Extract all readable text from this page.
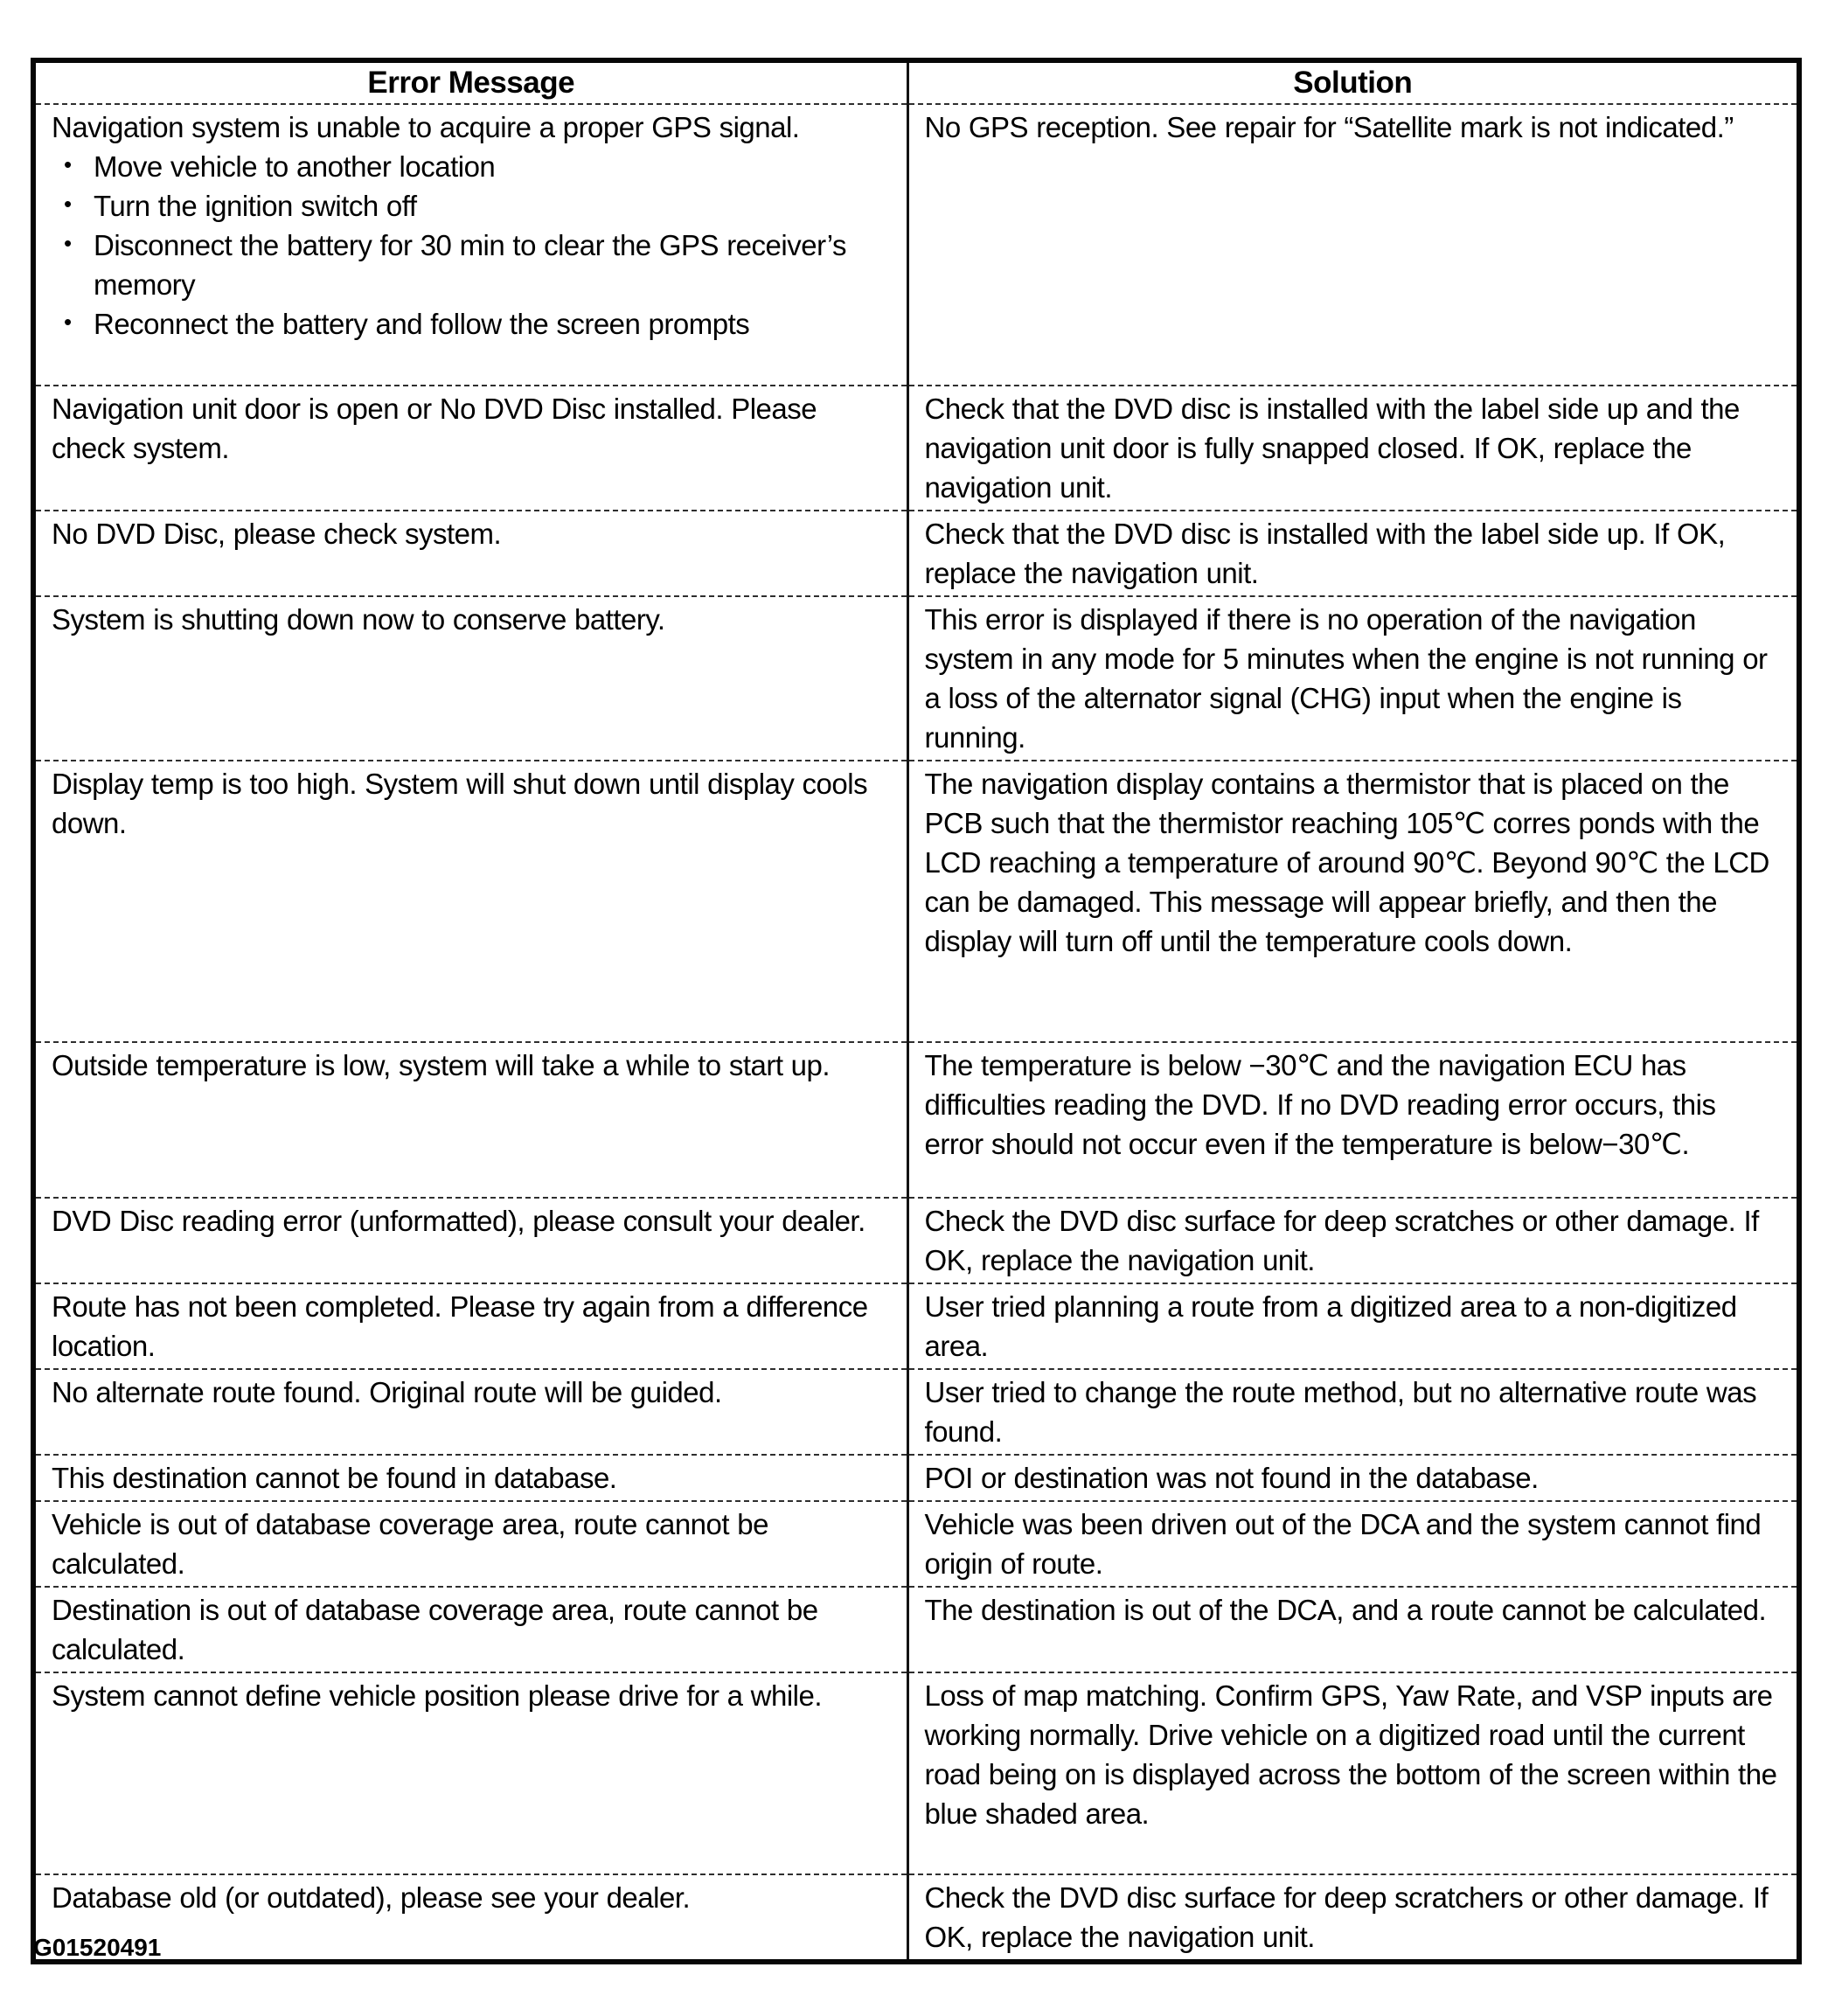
Error Message	Solution

Navigation system is unable to acquire a proper GPS signal.
• Move vehicle to another location
• Turn the ignition switch off
• Disconnect the battery for 30 min to clear the GPS receiver’s memory
• Reconnect the battery and follow the screen prompts
	No GPS reception. See repair for “Satellite mark is not indicated.”
Navigation unit door is open or No DVD Disc installed. Please check system.	Check that the DVD disc is installed with the label side up and the navigation unit door is fully snapped closed. If OK, replace the navigation unit.
No DVD Disc, please check system.	Check that the DVD disc is installed with the label side up. If OK, replace the navigation unit.
System is shutting down now to conserve battery.	This error is displayed if there is no operation of the navigation system in any mode for 5 minutes when the engine is not running or a loss of the alternator signal (CHG) input when the engine is running.
Display temp is too high. System will shut down until display cools down.	The navigation display contains a thermistor that is placed on the PCB such that the thermistor reaching 105℃ corres ponds with the LCD reaching a temperature of around 90℃. Beyond 90℃ the LCD can be damaged. This message will appear briefly, and then the display will turn off until the temperature cools down.
Outside temperature is low, system will take a while to start up.	The temperature is below −30℃ and the navigation ECU has difficulties reading the DVD. If no DVD reading error occurs, this error should not occur even if the temperature is below−30℃.
DVD Disc reading error (unformatted), please consult your dealer.	Check the DVD disc surface for deep scratches or other damage. If OK, replace the navigation unit.
Route has not been completed. Please try again from a difference location.	User tried planning a route from a digitized area to a non-digitized area.
No alternate route found. Original route will be guided.	User tried to change the route method, but no alternative route was found.
This destination cannot be found in database.	POI or destination was not found in the database.
Vehicle is out of database coverage area, route cannot be calculated.	Vehicle was been driven out of the DCA and the system cannot find origin of route.
Destination is out of database coverage area, route cannot be calculated.	The destination is out of the DCA, and a route cannot be calculated.
System cannot define vehicle position please drive for a while.	Loss of map matching. Confirm GPS, Yaw Rate, and VSP inputs are working normally. Drive vehicle on a digitized road until the current road being on is displayed across the bottom of the screen within the blue shaded area.
Database old (or outdated), please see your dealer.	Check the DVD disc surface for deep scratchers or other damage. If OK, replace the navigation unit.
G01520491
